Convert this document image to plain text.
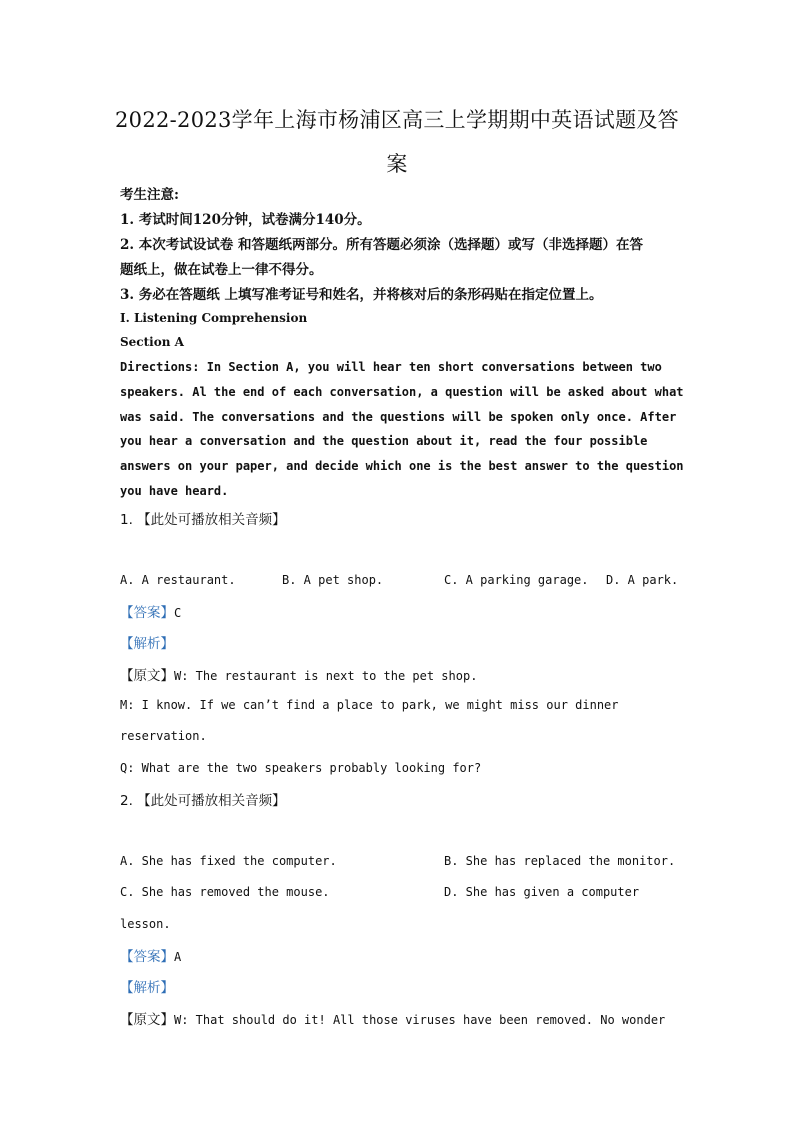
2022-2023学年上海市杨浦区高三上学期期中英语试题及答
案
考生注意:
1. 考试时间120分钟，试卷满分140分。
2. 本次考试设试卷 和答题纸两部分。所有答题必须涂（选择题）或写（非选择题）在答
题纸上，做在试卷上一律不得分。
3. 务必在答题纸 上填写准考证号和姓名，并将核对后的条形码贴在指定位置上。
Ⅰ. Listening Comprehension
Section A
Directions: In Section A, you will hear ten short conversations between two
speakers. Al the end of each conversation, a question will be asked about what
was said. The conversations and the questions will be spoken only once. After
you hear a conversation and the question about it, read the four possible
answers on your paper, and decide which one is the best answer to the question
you have heard.
1. 【此处可播放相关音频】
A. A restaurant.	B. A pet shop.	C. A parking garage. D. A park.
【答案】C
【解析】
【原文】W: The restaurant is next to the pet shop.
M: I know. If we can’t find a place to park, we might miss our dinner
reservation.
Q: What are the two speakers probably looking for?
2. 【此处可播放相关音频】
A. She has fixed the computer.	B. She has replaced the monitor.
C. She has removed the mouse.	D. She has given a computer
lesson.
【答案】A
【解析】
【原文】W: That should do it! All those viruses have been removed. No wonder
